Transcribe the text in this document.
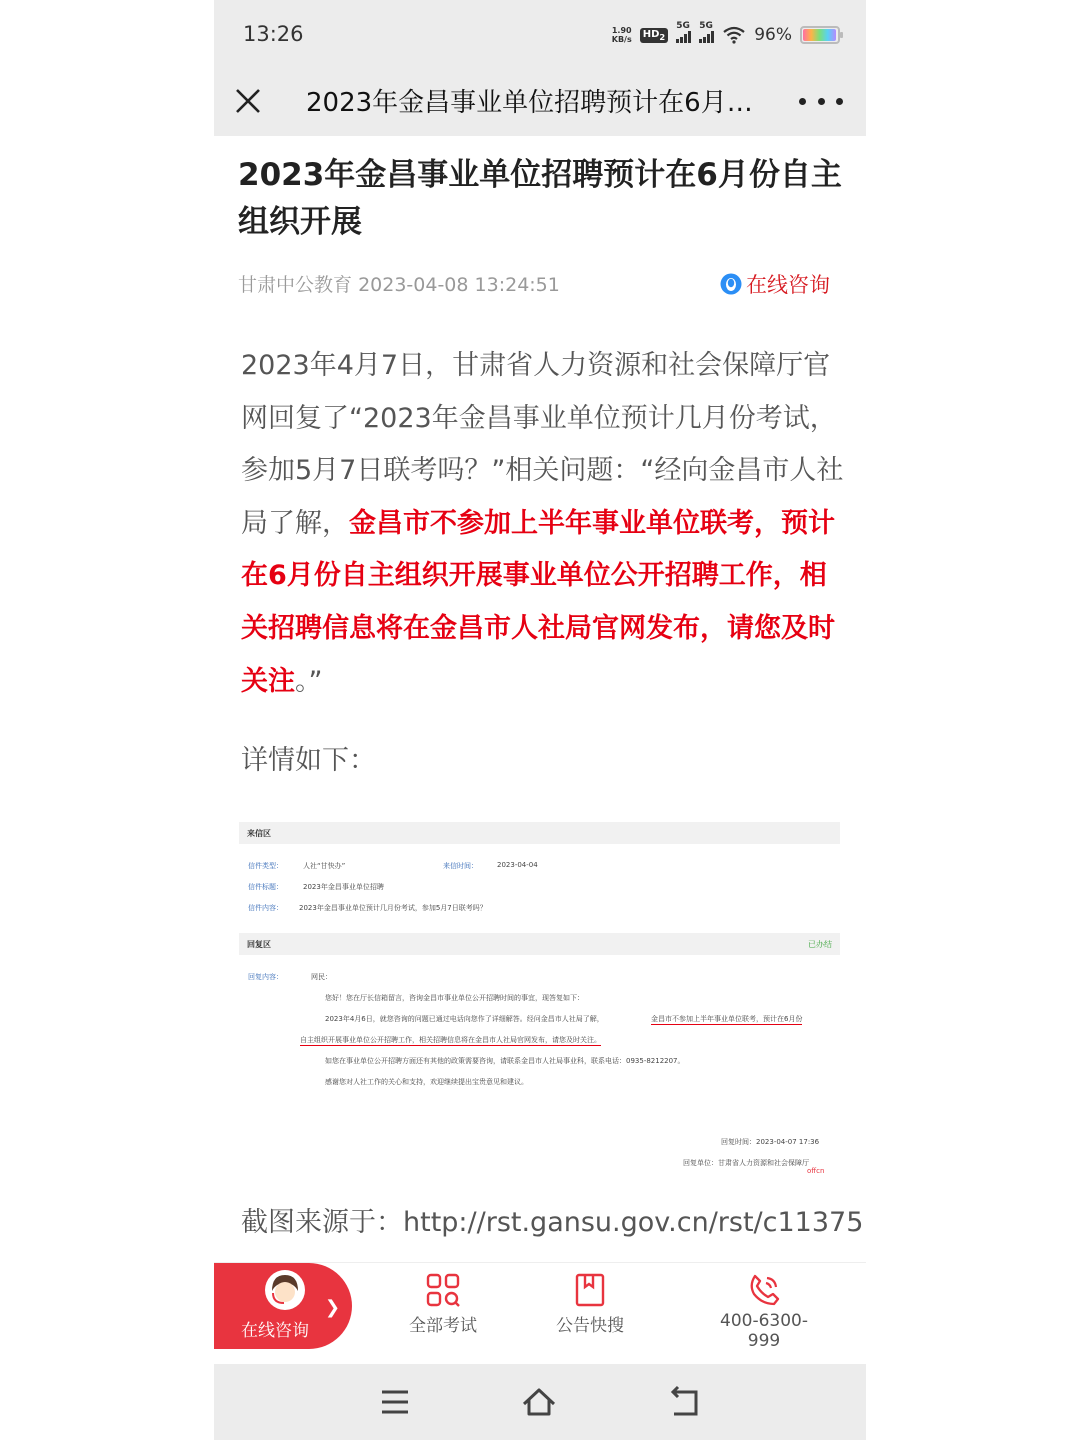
13:26	1.90
KB/s	$HD_2$
5G 5G 96%
2023年金昌事业单位招聘预计在6月…
2023年金昌事业单位招聘预计在6月份自主组织开展
甘肃中公教育 2023-04-08 13:24:51	在线咨询

2023年4月7日，甘肃省人力资源和社会保障厅官网回复了“2023年金昌事业单位预计几月份考试，参加5月7日联考吗？”相关问题：“经向金昌市人社局了解，金昌市不参加上半年事业单位联考，预计在6月份自主组织开展事业单位公开招聘工作，相关招聘信息将在金昌市人社局官网发布，请您及时关注。”

详情如下：
来信区
信件类型：	人社“甘快办”	来信时间：	2023-04-04
信件标题：	2023年金昌事业单位招聘
信件内容： 2023年金昌事业单位预计几月份考试，参加5月7日联考吗？
回复区	已办结
回复内容：	网民：
您好！您在厅长信箱留言，咨询金昌市事业单位公开招聘时间的事宜，现答复如下：
2023年4月6日，就您咨询的问题已通过电话向您作了详细解答。经问金昌市人社局了解，	金昌市不参加上半年事业单位联考，预计在6月份
自主组织开展事业单位公开招聘工作，相关招聘信息将在金昌市人社局官网发布，请您及时关注。
如您在事业单位公开招聘方面还有其他的政策需要咨询，请联系金昌市人社局事业科，联系电话：0935-8212207。
感谢您对人社工作的关心和支持，欢迎继续提出宝贵意见和建议。
回复时间：2023-04-07 17:36
回复单位：甘肃省人力资源和社会保障厅
offcn
截图来源于：http://rst.gansu.gov.cn/rst/c11375
在线咨询
❯
全部考试	公告快搜	400-6300-999
